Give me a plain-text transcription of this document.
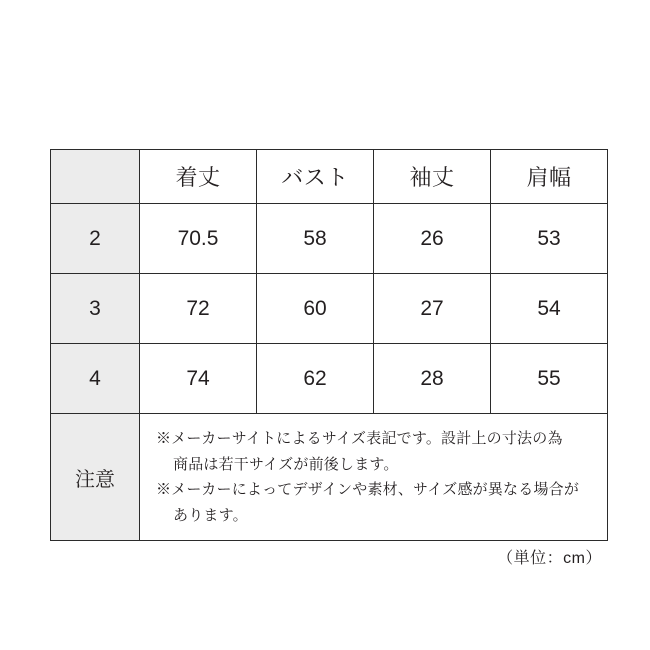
	着丈	バスト	袖丈	肩幅
2	70.5	58	26	53
3	72	60	27	54
4	74	62	28	55
注意	※メーカーサイトによるサイズ表記です。設計上の寸法の為
商品は若干サイズが前後します。
※メーカーによってデザインや素材、サイズ感が異なる場合が
あります。			
（単位：cm）
